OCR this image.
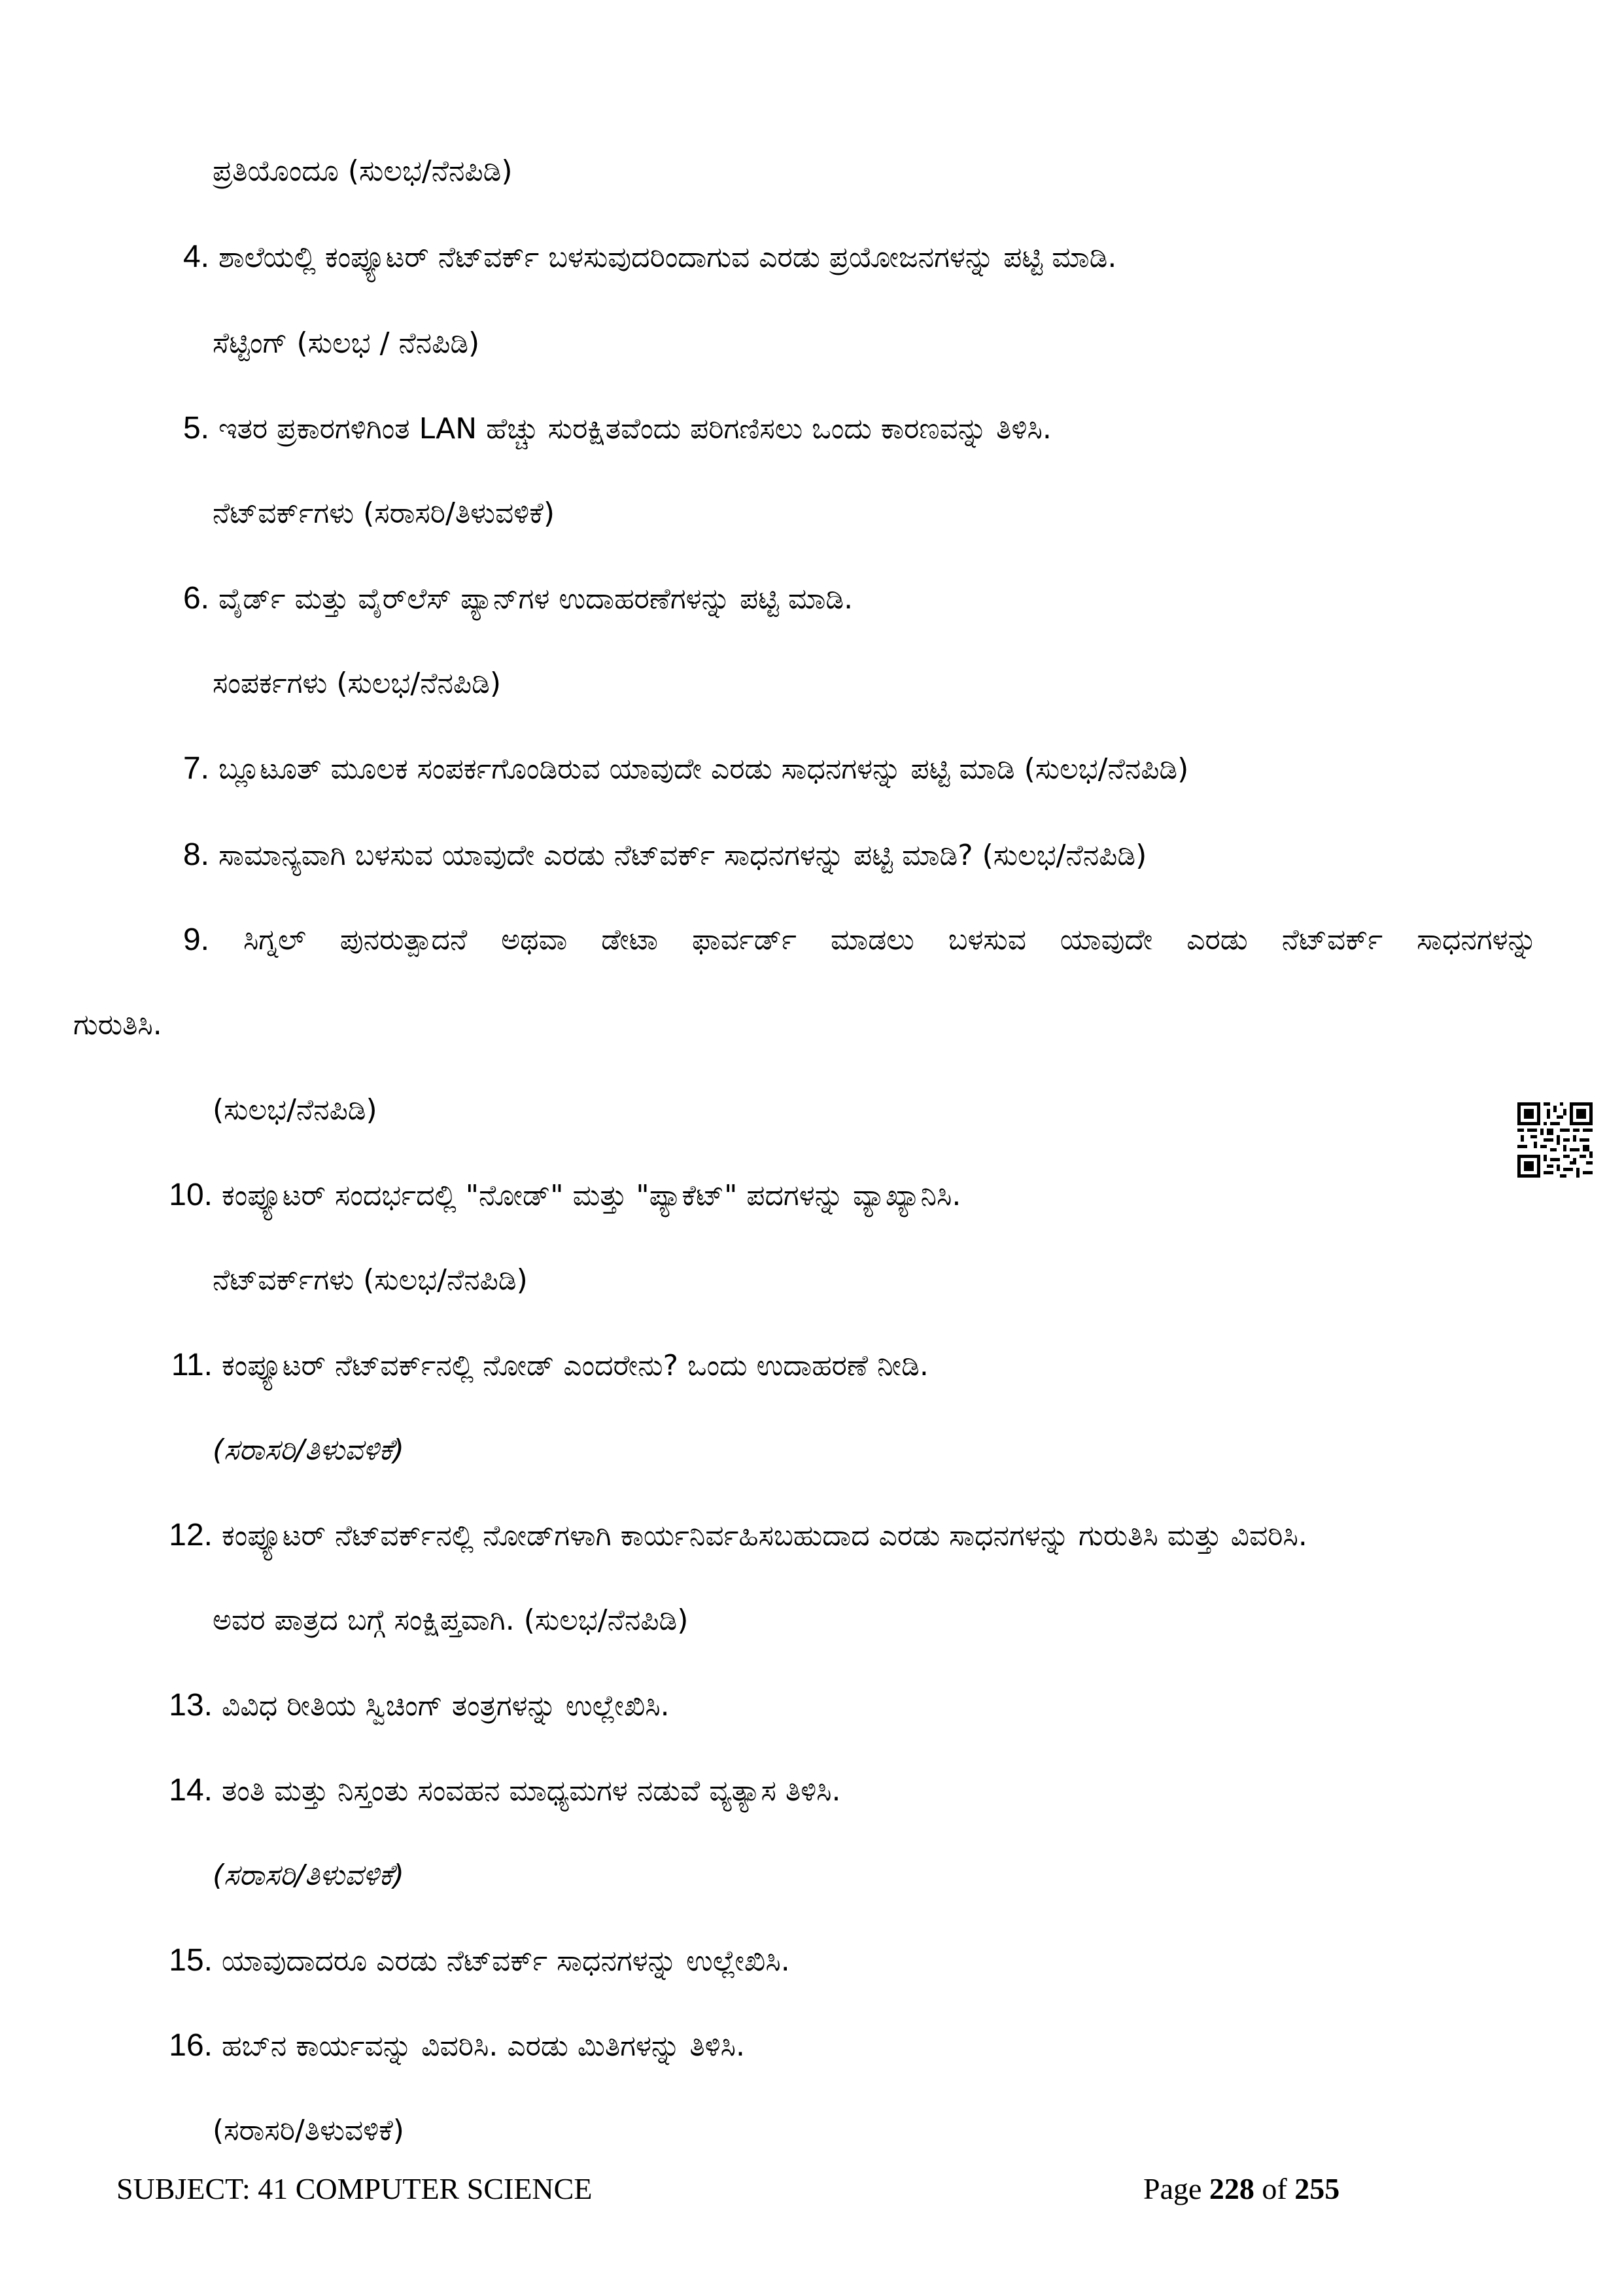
ಪ್ರತಿಯೊಂದೂ (ಸುಲಭ/ನೆನಪಿಡಿ)
4. ಶಾಲೆಯಲ್ಲಿ ಕಂಪ್ಯೂಟರ್ ನೆಟ್‌ವರ್ಕ್ ಬಳಸುವುದರಿಂದಾಗುವ ಎರಡು ಪ್ರಯೋಜನಗಳನ್ನು ಪಟ್ಟಿ ಮಾಡಿ.
ಸೆಟ್ಟಿಂಗ್ (ಸುಲಭ / ನೆನಪಿಡಿ)
5. ಇತರ ಪ್ರಕಾರಗಳಿಗಿಂತ LAN ಹೆಚ್ಚು ಸುರಕ್ಷಿತವೆಂದು ಪರಿಗಣಿಸಲು ಒಂದು ಕಾರಣವನ್ನು ತಿಳಿಸಿ.
ನೆಟ್‌ವರ್ಕ್‌ಗಳು (ಸರಾಸರಿ/ತಿಳುವಳಿಕೆ)
6. ವೈರ್ಡ್ ಮತ್ತು ವೈರ್‌ಲೆಸ್ ಪ್ಯಾನ್‌ಗಳ ಉದಾಹರಣೆಗಳನ್ನು ಪಟ್ಟಿ ಮಾಡಿ.
ಸಂಪರ್ಕಗಳು (ಸುಲಭ/ನೆನಪಿಡಿ)
7. ಬ್ಲೂಟೂತ್ ಮೂಲಕ ಸಂಪರ್ಕಗೊಂಡಿರುವ ಯಾವುದೇ ಎರಡು ಸಾಧನಗಳನ್ನು ಪಟ್ಟಿ ಮಾಡಿ (ಸುಲಭ/ನೆನಪಿಡಿ)
8. ಸಾಮಾನ್ಯವಾಗಿ ಬಳಸುವ ಯಾವುದೇ ಎರಡು ನೆಟ್‌ವರ್ಕ್ ಸಾಧನಗಳನ್ನು ಪಟ್ಟಿ ಮಾಡಿ? (ಸುಲಭ/ನೆನಪಿಡಿ)
9. ಸಿಗ್ನಲ್ ಪುನರುತ್ಪಾದನೆ ಅಥವಾ ಡೇಟಾ ಫಾರ್ವರ್ಡ್ ಮಾಡಲು ಬಳಸುವ ಯಾವುದೇ ಎರಡು ನೆಟ್‌ವರ್ಕ್ ಸಾಧನಗಳನ್ನು
ಗುರುತಿಸಿ.
(ಸುಲಭ/ನೆನಪಿಡಿ)
10. ಕಂಪ್ಯೂಟರ್ ಸಂದರ್ಭದಲ್ಲಿ "ನೋಡ್" ಮತ್ತು "ಪ್ಯಾಕೆಟ್" ಪದಗಳನ್ನು ವ್ಯಾಖ್ಯಾನಿಸಿ.
ನೆಟ್‌ವರ್ಕ್‌ಗಳು (ಸುಲಭ/ನೆನಪಿಡಿ)
11. ಕಂಪ್ಯೂಟರ್ ನೆಟ್‌ವರ್ಕ್‌ನಲ್ಲಿ ನೋಡ್ ಎಂದರೇನು? ಒಂದು ಉದಾಹರಣೆ ನೀಡಿ.
(ಸರಾಸರಿ/ತಿಳುವಳಿಕೆ)
12. ಕಂಪ್ಯೂಟರ್ ನೆಟ್‌ವರ್ಕ್‌ನಲ್ಲಿ ನೋಡ್‌ಗಳಾಗಿ ಕಾರ್ಯನಿರ್ವಹಿಸಬಹುದಾದ ಎರಡು ಸಾಧನಗಳನ್ನು ಗುರುತಿಸಿ ಮತ್ತು ವಿವರಿಸಿ.
ಅವರ ಪಾತ್ರದ ಬಗ್ಗೆ ಸಂಕ್ಷಿಪ್ತವಾಗಿ. (ಸುಲಭ/ನೆನಪಿಡಿ)
13. ವಿವಿಧ ರೀತಿಯ ಸ್ವಿಚಿಂಗ್ ತಂತ್ರಗಳನ್ನು ಉಲ್ಲೇಖಿಸಿ.
14. ತಂತಿ ಮತ್ತು ನಿಸ್ತಂತು ಸಂವಹನ ಮಾಧ್ಯಮಗಳ ನಡುವೆ ವ್ಯತ್ಯಾಸ ತಿಳಿಸಿ.
(ಸರಾಸರಿ/ತಿಳುವಳಿಕೆ)
15. ಯಾವುದಾದರೂ ಎರಡು ನೆಟ್‌ವರ್ಕ್ ಸಾಧನಗಳನ್ನು ಉಲ್ಲೇಖಿಸಿ.
16. ಹಬ್‌ನ ಕಾರ್ಯವನ್ನು ವಿವರಿಸಿ. ಎರಡು ಮಿತಿಗಳನ್ನು ತಿಳಿಸಿ.
(ಸರಾಸರಿ/ತಿಳುವಳಿಕೆ)
SUBJECT: 41 COMPUTER SCIENCE	Page 228 of 255
